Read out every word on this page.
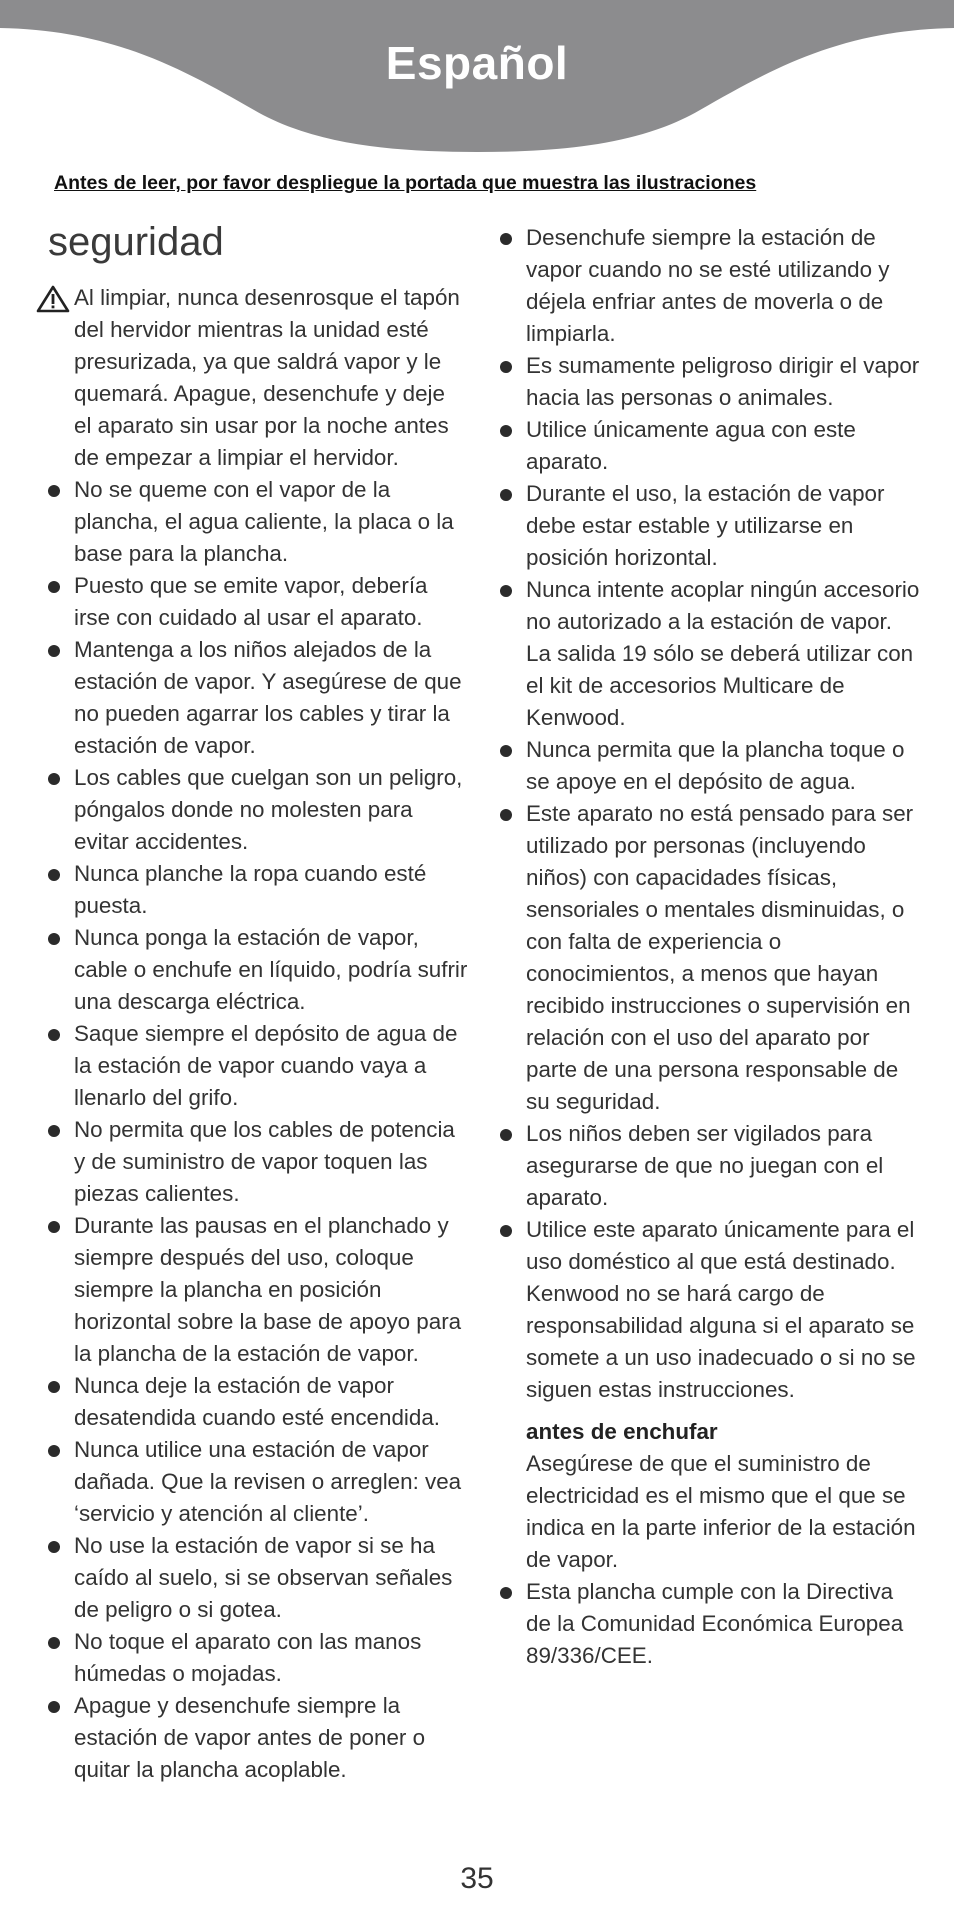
Español
Antes de leer, por favor despliegue la portada que muestra las ilustraciones
seguridad
Al limpiar, nunca desenrosque el tapón del hervidor mientras la unidad esté presurizada, ya que saldrá vapor y le quemará. Apague, desenchufe y deje el aparato sin usar por la noche antes de empezar a limpiar el hervidor.
No se queme con el vapor de la plancha, el agua caliente, la placa o la base para la plancha.
Puesto que se emite vapor, debería irse con cuidado al usar el aparato.
Mantenga a los niños alejados de la estación de vapor. Y asegúrese de que no pueden agarrar los cables y tirar la estación de vapor.
Los cables que cuelgan son un peligro, póngalos donde no molesten para evitar accidentes.
Nunca planche la ropa cuando esté puesta.
Nunca ponga la estación de vapor, cable o enchufe en líquido, podría sufrir una descarga eléctrica.
Saque siempre el depósito de agua de la estación de vapor cuando vaya a llenarlo del grifo.
No permita que los cables de potencia y de suministro de vapor toquen las piezas calientes.
Durante las pausas en el planchado y siempre después del uso, coloque siempre la plancha en posición horizontal sobre la base de apoyo para la plancha de la estación de vapor.
Nunca deje la estación de vapor desatendida cuando esté encendida.
Nunca utilice una estación de vapor dañada. Que la revisen o arreglen: vea ‘servicio y atención al cliente’.
No use la estación de vapor si se ha caído al suelo, si se observan señales de peligro o si gotea.
No toque el aparato con las manos húmedas o mojadas.
Apague y desenchufe siempre la estación de vapor antes de poner o quitar la plancha acoplable.
Desenchufe siempre la estación de vapor cuando no se esté utilizando y déjela enfriar antes de moverla o de limpiarla.
Es sumamente peligroso dirigir el vapor hacia las personas o animales.
Utilice únicamente agua con este aparato.
Durante el uso, la estación de vapor debe estar estable y utilizarse en posición horizontal.
Nunca intente acoplar ningún accesorio no autorizado a la estación de vapor. La salida 19 sólo se deberá utilizar con el kit de accesorios Multicare de Kenwood.
Nunca permita que la plancha toque o se apoye en el depósito de agua.
Este aparato no está pensado para ser utilizado por personas (incluyendo niños) con capacidades físicas, sensoriales o mentales disminuidas, o con falta de experiencia o conocimientos, a menos que hayan recibido instrucciones o supervisión en relación con el uso del aparato por parte de una persona responsable de su seguridad.
Los niños deben ser vigilados para asegurarse de que no juegan con el aparato.
Utilice este aparato únicamente para el uso doméstico al que está destinado. Kenwood no se hará cargo de responsabilidad alguna si el aparato se somete a un uso inadecuado o si no se siguen estas instrucciones.
antes de enchufar
Asegúrese de que el suministro de electricidad es el mismo que el que se indica en la parte inferior de la estación de vapor.
Esta plancha cumple con la Directiva de la Comunidad Económica Europea 89/336/CEE.
35
